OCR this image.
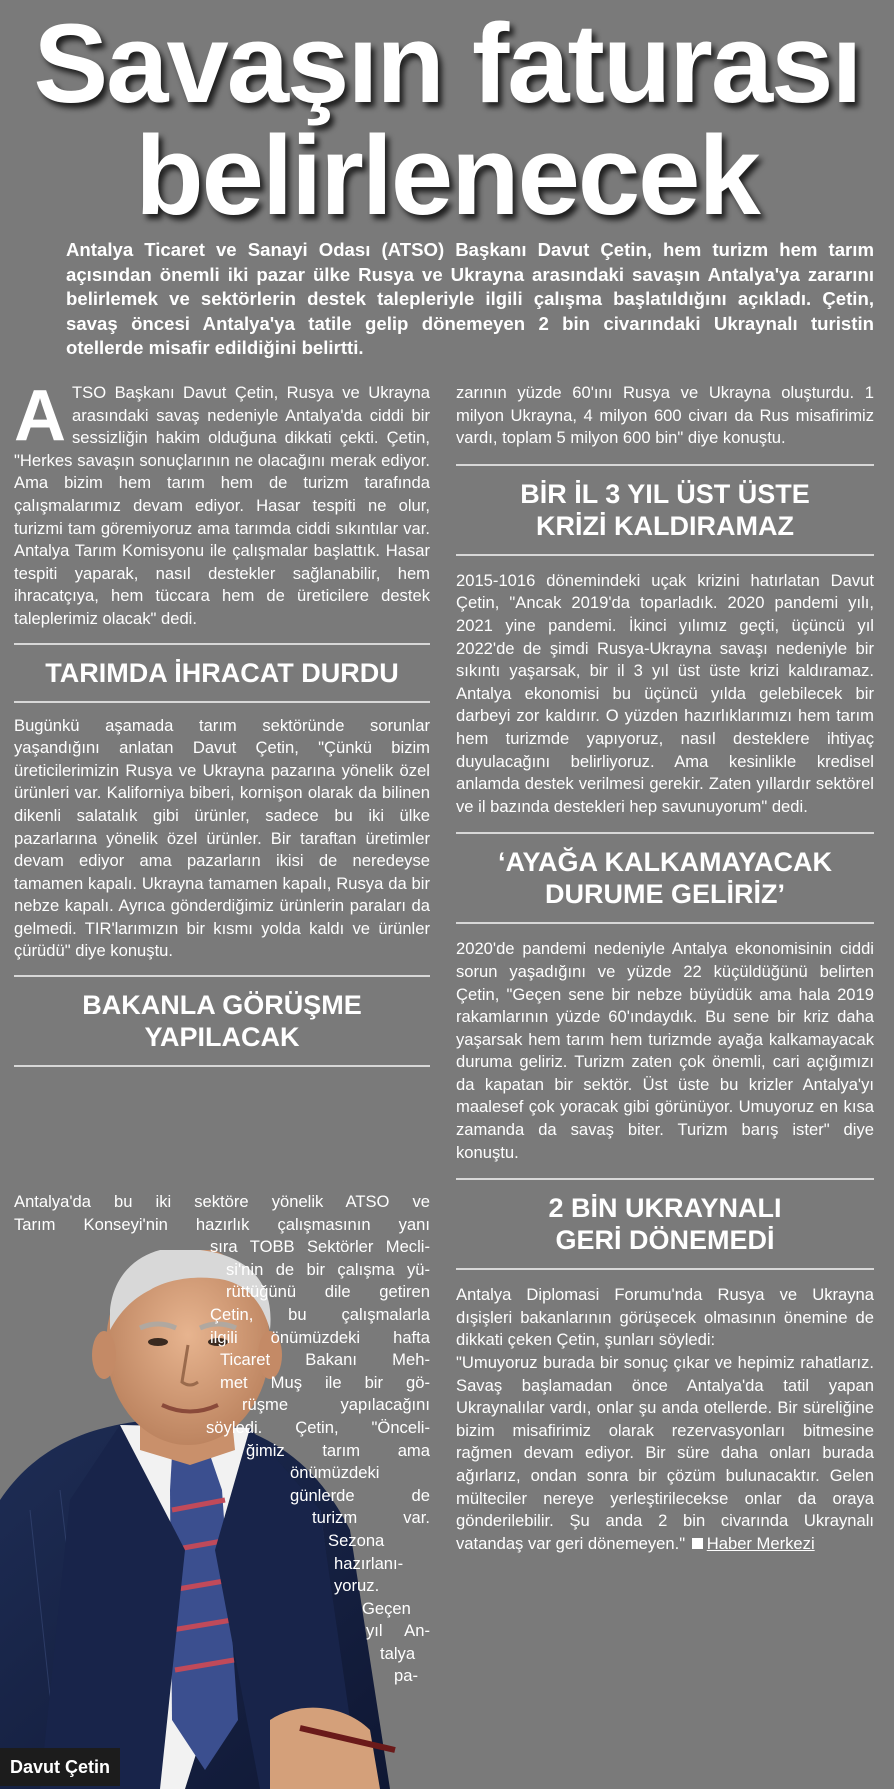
Savaşın faturası
belirlenecek

Antalya Ticaret ve Sanayi Odası (ATSO) Başkanı Davut Çetin, hem turizm hem tarım açısından önemli iki pazar ülke Rusya ve Ukrayna arasındaki savaşın Antalya'ya zararını belirlemek ve sektörlerin destek talepleriyle ilgili çalışma başlatıldığını açıkladı. Çetin, savaş öncesi Antalya'ya tatile gelip dönemeyen 2 bin civarındaki Ukraynalı turistin otellerde misafir edildiğini belirtti.

ATSO Başkanı Davut Çetin, Rusya ve Ukrayna arasındaki savaş nedeniyle Antalya'da ciddi bir sessizliğin hakim olduğuna dikkati çekti. Çetin, "Herkes savaşın sonuçlarının ne olacağını merak ediyor. Ama bizim hem tarım hem de turizm tarafında çalışmalarımız devam ediyor. Hasar tespiti ne olur, turizmi tam göremiyoruz ama tarımda ciddi sıkıntılar var. Antalya Tarım Komisyonu ile çalışmalar başlattık. Hasar tespiti yaparak, nasıl destekler sağlanabilir, hem ihracatçıya, hem tüccara hem de üreticilere destek taleplerimiz olacak" dedi.

TARIMDA İHRACAT DURDU

Bugünkü aşamada tarım sektöründe sorunlar yaşandığını anlatan Davut Çetin, "Çünkü bizim üreticilerimizin Rusya ve Ukrayna pazarına yönelik özel ürünleri var. Kaliforniya biberi, kornişon olarak da bilinen dikenli salatalık gibi ürünler, sadece bu iki ülke pazarlarına yönelik özel ürünler. Bir taraftan üretimler devam ediyor ama pazarların ikisi de neredeyse tamamen kapalı. Ukrayna tamamen kapalı, Rusya da bir nebze kapalı. Ayrıca gönderdiğimiz ürünlerin paraları da gelmedi. TIR'larımızın bir kısmı yolda kaldı ve ürünler çürüdü" diye konuştu.

BAKANLA GÖRÜŞME
YAPILACAK
Davut Çetin
Antalya'da bu iki sektöre yönelik ATSO ve
Tarım Konseyi'nin hazırlık çalışmasının yanı
sıra TOBB Sektörler Mecli-
si'nin de bir çalışma yü-
rüttüğünü dile getiren
Çetin, bu çalışmalarla
ilgili önümüzdeki hafta
Ticaret Bakanı Meh-
met Muş ile bir gö-
rüşme yapılacağını
söyledi. Çetin, "Önceli-
ğimiz tarım ama
önümüzdeki
günlerde de
turizm var.
Sezona
hazırlanı-
yoruz.
Geçen
yıl An-
talya
pa-

zarının yüzde 60'ını Rusya ve Ukrayna oluşturdu. 1 milyon Ukrayna, 4 milyon 600 civarı da Rus misafirimiz vardı, toplam 5 milyon 600 bin" diye konuştu.

BİR İL 3 YIL ÜST ÜSTE
KRİZİ KALDIRAMAZ

2015-1016 dönemindeki uçak krizini hatırlatan Davut Çetin, "Ancak 2019'da toparladık. 2020 pandemi yılı, 2021 yine pandemi. İkinci yılımız geçti, üçüncü yıl 2022'de de şimdi Rusya-Ukrayna savaşı nedeniyle bir sıkıntı yaşarsak, bir il 3 yıl üst üste krizi kaldıramaz. Antalya ekonomisi bu üçüncü yılda gelebilecek bir darbeyi zor kaldırır. O yüzden hazırlıklarımızı hem tarım hem turizmde yapıyoruz, nasıl desteklere ihtiyaç duyulacağını belirliyoruz. Ama kesinlikle kredisel anlamda destek verilmesi gerekir. Zaten yıllardır sektörel ve il bazında destekleri hep savunuyorum" dedi.

‘AYAĞA KALKAMAYACAK
DURUME GELİRİZ’

2020'de pandemi nedeniyle Antalya ekonomisinin ciddi sorun yaşadığını ve yüzde 22 küçüldüğünü belirten Çetin, "Geçen sene bir nebze büyüdük ama hala 2019 rakamlarının yüzde 60'ındaydık. Bu sene bir kriz daha yaşarsak hem tarım hem turizmde ayağa kalkamayacak duruma geliriz. Turizm zaten çok önemli, cari açığımızı da kapatan bir sektör. Üst üste bu krizler Antalya'yı maalesef çok yoracak gibi görünüyor. Umuyoruz en kısa zamanda da savaş biter. Turizm barış ister" diye konuştu.

2 BİN UKRAYNALI
GERİ DÖNEMEDİ

Antalya Diplomasi Forumu'nda Rusya ve Ukrayna dışişleri bakanlarının görüşecek olmasının önemine de dikkati çeken Çetin, şunları söyledi:

"Umuyoruz burada bir sonuç çıkar ve hepimiz rahatlarız. Savaş başlamadan önce Antalya'da tatil yapan Ukraynalılar vardı, onlar şu anda otellerde. Bir süreliğine bizim misafirimiz olarak rezervasyonları bitmesine rağmen devam ediyor. Bir süre daha onları burada ağırlarız, ondan sonra bir çözüm bulunacaktır. Gelen mülteciler nereye yerleştirilecekse onlar da oraya gönderilebilir. Şu anda 2 bin civarında Ukraynalı vatandaş var geri dönemeyen." Haber Merkezi
